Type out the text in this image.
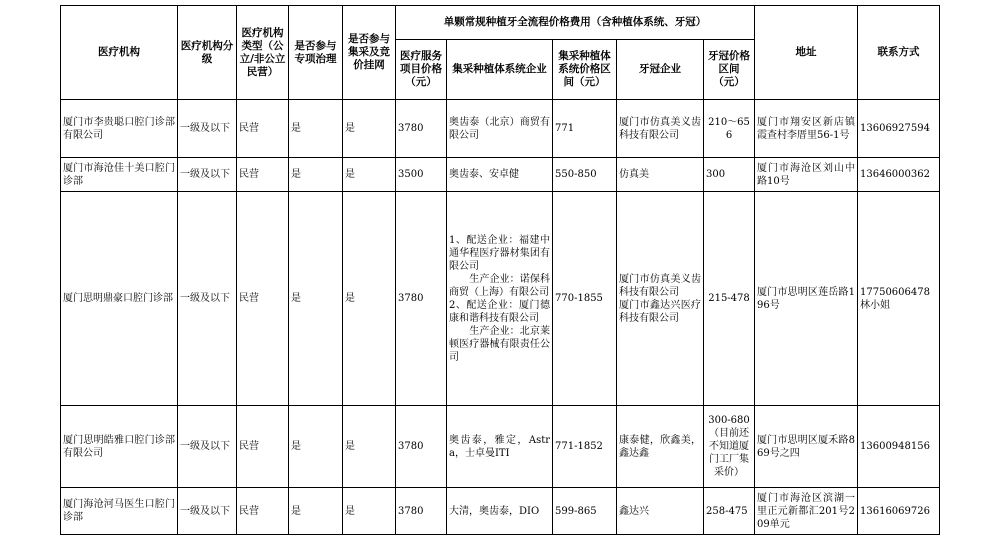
医疗机构	医疗机构分级	医疗机构类型（公立/非公立民营）	是否参与专项治理	是否参与集采及竞价挂网	单颗常规种植牙全流程价格费用（含种植体系统、牙冠）					地址	联系方式
					医疗服务项目价格（元）	集采种植体系统企业	集采种植体系统价格区间（元）	牙冠企业	牙冠价格区间（元）		
厦门市李贵聪口腔门诊部有限公司	一级及以下	民营	是	是	3780	奥齿泰（北京）商贸有限公司	771	厦门市仿真美义齿科技有限公司	210～656	厦门市翔安区新店镇霞查村李厝里56-1号	13606927594
厦门市海沧佳十美口腔门诊部	一级及以下	民营	是	是	3500	奥齿泰、安卓健	550-850	仿真美	300	厦门市海沧区刘山中路10号	13646000362
厦门思明鼎豪口腔门诊部	一级及以下	民营	是	是	3780	1、配送企业：福建中通华程医疗器材集团有限公司
　　生产企业：诺保科商贸（上海）有限公司
2、配送企业：厦门德康和谐科技有限公司
　　生产企业：北京莱顿医疗器械有限责任公司	770-1855	厦门市仿真美义齿科技有限公司
厦门市鑫达兴医疗科技有限公司	215-478	厦门市思明区莲岳路196号	17750606478林小姐
厦门思明皓雅口腔门诊部有限公司	一级及以下	民营	是	是	3780	奥齿泰，雅定，Astra，士卓曼ITI	771-1852	康泰健，欣鑫美，鑫达鑫	300-680（目前还不知道厦门工厂集采价）	厦门市思明区厦禾路869号之四	13600948156
厦门海沧河马医生口腔门诊部	一级及以下	民营	是	是	3780	大清，奥齿泰，DIO	599-865	鑫达兴	258-475	厦门市海沧区滨湖一里正元新都汇201号209单元	13616069726
